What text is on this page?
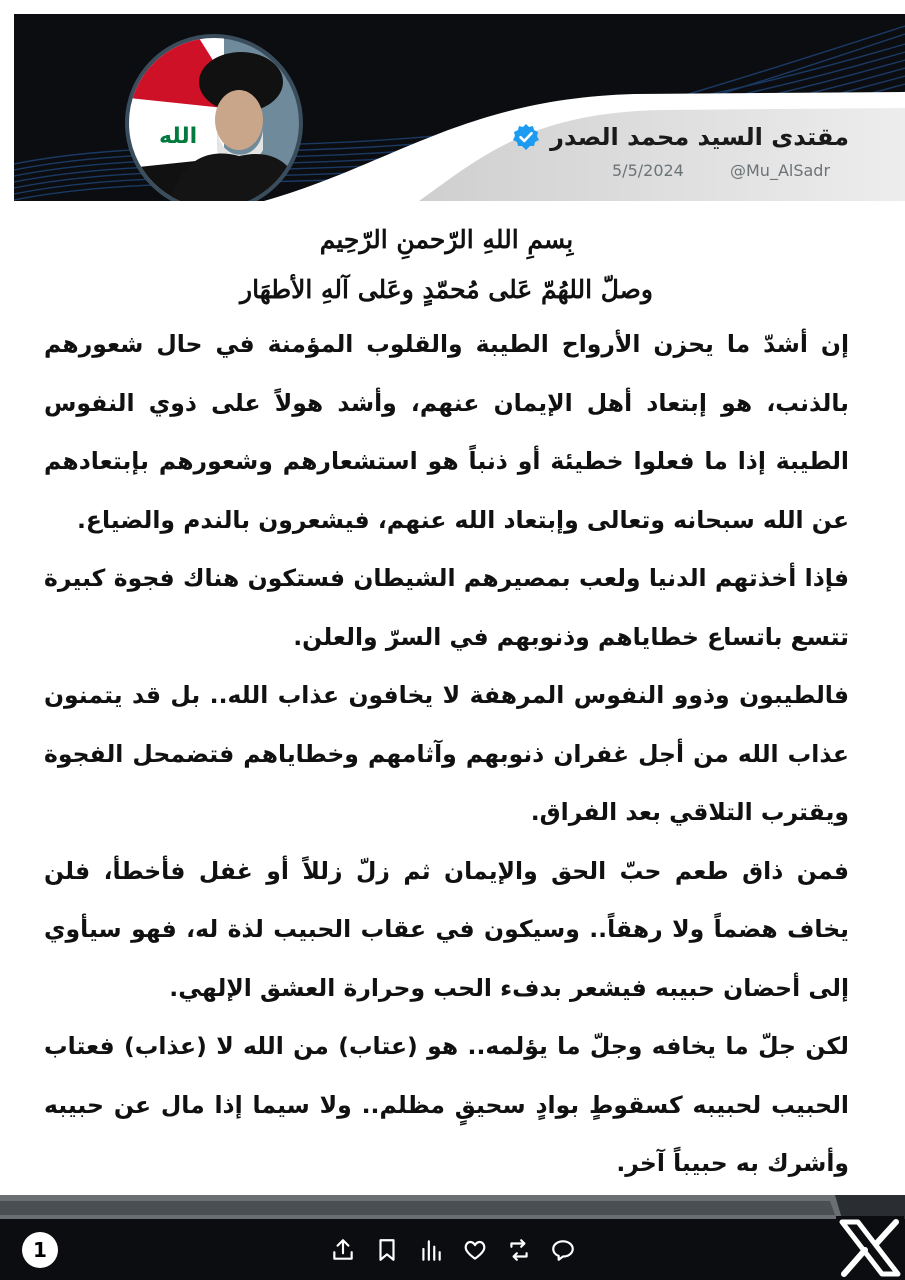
الله	مقتدى السيد محمد الصدر
@Mu_AlSadr
5/5/2024
بِسمِ اللهِ الرّحمنِ الرّحِيم
وصلّ اللهُمّ عَلى مُحمّدٍ وعَلى آلهِ الأطهَار

إن أشدّ ما يحزن الأرواح الطيبة والقلوب المؤمنة في حال شعورهم بالذنب، هو إبتعاد أهل الإيمان عنهم، وأشد هولاً على ذوي النفوس الطيبة إذا ما فعلوا خطيئة أو ذنباً هو استشعارهم وشعورهم بإبتعادهم عن الله سبحانه وتعالى وإبتعاد الله عنهم، فيشعرون بالندم والضياع.

فإذا أخذتهم الدنيا ولعب بمصيرهم الشيطان فستكون هناك فجوة كبيرة تتسع باتساع خطاياهم وذنوبهم في السرّ والعلن.

فالطيبون وذوو النفوس المرهفة لا يخافون عذاب الله.. بل قد يتمنون عذاب الله من أجل غفران ذنوبهم وآثامهم وخطاياهم فتضمحل الفجوة ويقترب التلاقي بعد الفراق.

فمن ذاق طعم حبّ الحق والإيمان ثم زلّ زللاً أو غفل فأخطأ، فلن يخاف هضماً ولا رهقاً.. وسيكون في عقاب الحبيب لذة له، فهو سيأوي إلى أحضان حبيبه فيشعر بدفء الحب وحرارة العشق الإلهي.

لكن جلّ ما يخافه وجلّ ما يؤلمه.. هو (عتاب) من الله لا (عذاب) فعتاب الحبيب لحبيبه كسقوطٍ بوادٍ سحيقٍ مظلم.. ولا سيما إذا مال عن حبيبه وأشرك به حبيباً آخر.

1
